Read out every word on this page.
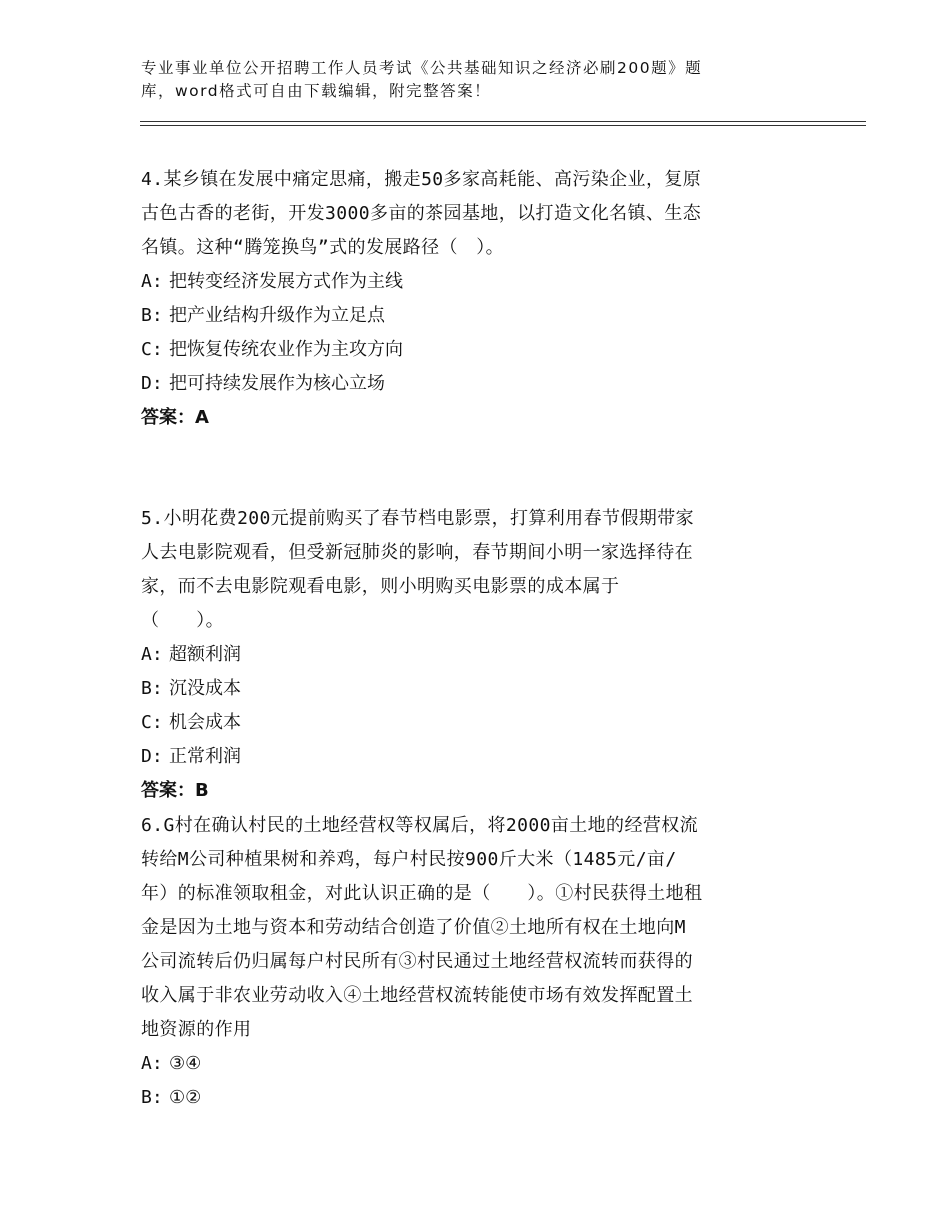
专业事业单位公开招聘工作人员考试《公共基础知识之经济必刷200题》题
库，word格式可自由下载编辑，附完整答案！
4.某乡镇在发展中痛定思痛，搬走50多家高耗能、高污染企业，复原
古色古香的老街，开发3000多亩的茶园基地，以打造文化名镇、生态
名镇。这种“腾笼换鸟”式的发展路径（　）。
A: 把转变经济发展方式作为主线
B: 把产业结构升级作为立足点
C: 把恢复传统农业作为主攻方向
D: 把可持续发展作为核心立场
答案：A
5.小明花费200元提前购买了春节档电影票，打算利用春节假期带家
人去电影院观看，但受新冠肺炎的影响，春节期间小明一家选择待在
家，而不去电影院观看电影，则小明购买电影票的成本属于
（　　）。
A: 超额利润
B: 沉没成本
C: 机会成本
D: 正常利润
答案：B
6.G村在确认村民的土地经营权等权属后，将2000亩土地的经营权流
转给M公司种植果树和养鸡，每户村民按900斤大米（1485元/亩/
年）的标准领取租金，对此认识正确的是（　　）。①村民获得土地租
金是因为土地与资本和劳动结合创造了价值②土地所有权在土地向M
公司流转后仍归属每户村民所有③村民通过土地经营权流转而获得的
收入属于非农业劳动收入④土地经营权流转能使市场有效发挥配置土
地资源的作用
A: ③④
B: ①②
